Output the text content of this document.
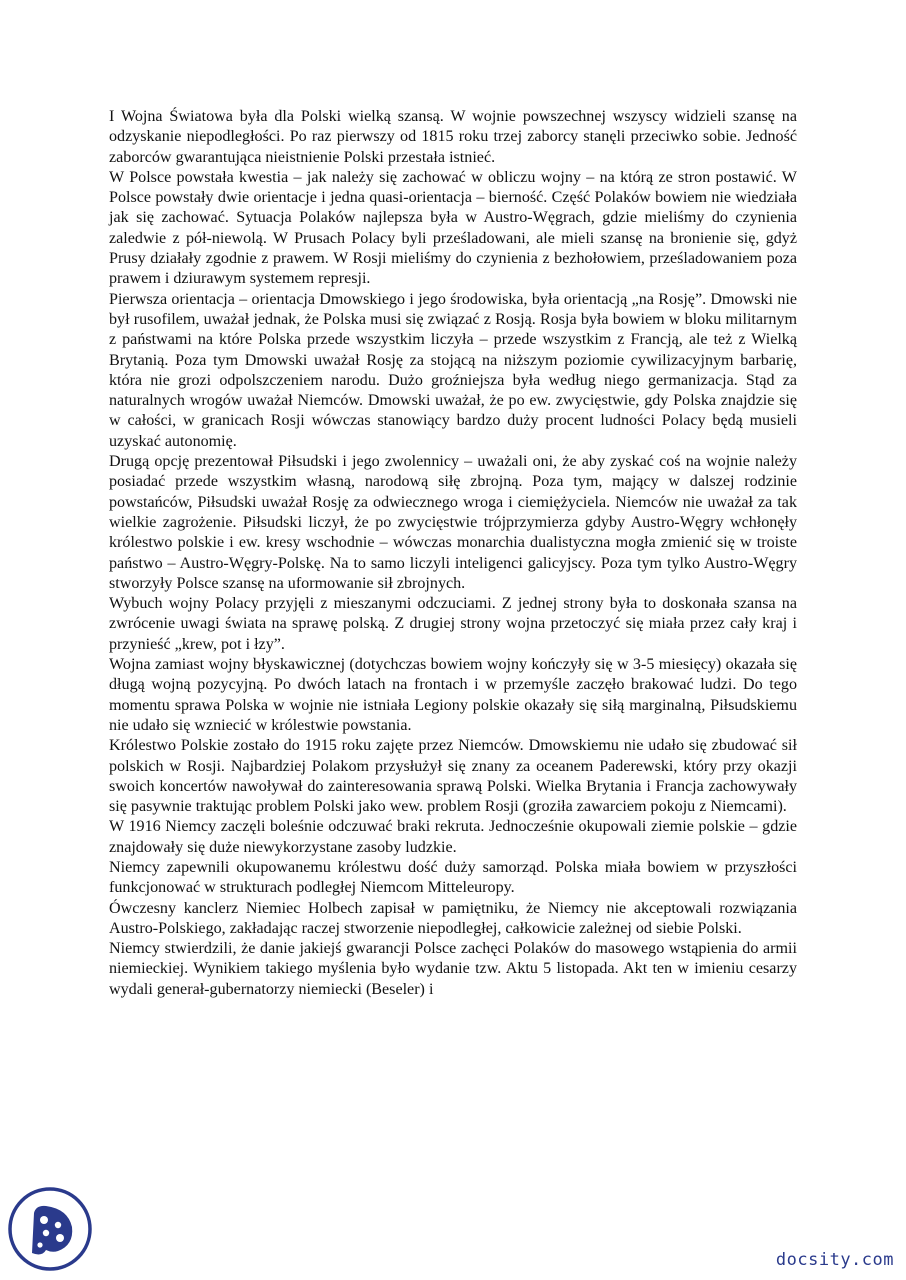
I Wojna Światowa była dla Polski wielką szansą. W wojnie powszechnej wszyscy widzieli szansę na odzyskanie niepodległości. Po raz pierwszy od 1815 roku trzej zaborcy stanęli przeciwko sobie. Jedność zaborców gwarantująca nieistnienie Polski przestała istnieć.

W Polsce powstała kwestia – jak należy się zachować w obliczu wojny – na którą ze stron postawić. W Polsce powstały dwie orientacje i jedna quasi-orientacja – bierność. Część Polaków bowiem nie wiedziała jak się zachować. Sytuacja Polaków najlepsza była w Austro-Węgrach, gdzie mieliśmy do czynienia zaledwie z pół-niewolą. W Prusach Polacy byli prześladowani, ale mieli szansę na bronienie się, gdyż Prusy działały zgodnie z prawem. W Rosji mieliśmy do czynienia z bezhołowiem, prześladowaniem poza prawem i dziurawym systemem represji.

Pierwsza orientacja – orientacja Dmowskiego i jego środowiska, była orientacją „na Rosję”. Dmowski nie był rusofilem, uważał jednak, że Polska musi się związać z Rosją. Rosja była bowiem w bloku militarnym z państwami na które Polska przede wszystkim liczyła – przede wszystkim z Francją, ale też z Wielką Brytanią. Poza tym Dmowski uważał Rosję za stojącą na niższym poziomie cywilizacyjnym barbarię, która nie grozi odpolszczeniem narodu. Dużo groźniejsza była według niego germanizacja. Stąd za naturalnych wrogów uważał Niemców. Dmowski uważał, że po ew. zwycięstwie, gdy Polska znajdzie się w całości, w granicach Rosji wówczas stanowiący bardzo duży procent ludności Polacy będą musieli uzyskać autonomię.

Drugą opcję prezentował Piłsudski i jego zwolennicy – uważali oni, że aby zyskać coś na wojnie należy posiadać przede wszystkim własną, narodową siłę zbrojną. Poza tym, mający w dalszej rodzinie powstańców, Piłsudski uważał Rosję za odwiecznego wroga i ciemiężyciela. Niemców nie uważał za tak wielkie zagrożenie. Piłsudski liczył, że po zwycięstwie trójprzymierza gdyby Austro-Węgry wchłonęły królestwo polskie i ew. kresy wschodnie – wówczas monarchia dualistyczna mogła zmienić się w troiste państwo – Austro-Węgry-Polskę. Na to samo liczyli inteligenci galicyjscy. Poza tym tylko Austro-Węgry stworzyły Polsce szansę na uformowanie sił zbrojnych.

Wybuch wojny Polacy przyjęli z mieszanymi odczuciami. Z jednej strony była to doskonała szansa na zwrócenie uwagi świata na sprawę polską. Z drugiej strony wojna przetoczyć się miała przez cały kraj i przynieść „krew, pot i łzy”.

Wojna zamiast wojny błyskawicznej (dotychczas bowiem wojny kończyły się w 3-5 miesięcy) okazała się długą wojną pozycyjną. Po dwóch latach na frontach i w przemyśle zaczęło brakować ludzi. Do tego momentu sprawa Polska w wojnie nie istniała Legiony polskie okazały się siłą marginalną, Piłsudskiemu nie udało się wzniecić w królestwie powstania.

Królestwo Polskie zostało do 1915 roku zajęte przez Niemców. Dmowskiemu nie udało się zbudować sił polskich w Rosji. Najbardziej Polakom przysłużył się znany za oceanem Paderewski, który przy okazji swoich koncertów nawoływał do zainteresowania sprawą Polski. Wielka Brytania i Francja zachowywały się pasywnie traktując problem Polski jako wew. problem Rosji (groziła zawarciem pokoju z Niemcami).

W 1916 Niemcy zaczęli boleśnie odczuwać braki rekruta. Jednocześnie okupowali ziemie polskie – gdzie znajdowały się duże niewykorzystane zasoby ludzkie.

Niemcy zapewnili okupowanemu królestwu dość duży samorząd. Polska miała bowiem w przyszłości funkcjonować w strukturach podległej Niemcom Mitteleuropy.

Ówczesny kanclerz Niemiec Holbech zapisał w pamiętniku, że Niemcy nie akceptowali rozwiązania Austro-Polskiego, zakładając raczej stworzenie niepodległej, całkowicie zależnej od siebie Polski.

Niemcy stwierdzili, że danie jakiejś gwarancji Polsce zachęci Polaków do masowego wstąpienia do armii niemieckiej. Wynikiem takiego myślenia było wydanie tzw. Aktu 5 listopada. Akt ten w imieniu cesarzy wydali generał-gubernatorzy niemiecki (Beseler) i

docsity.com
